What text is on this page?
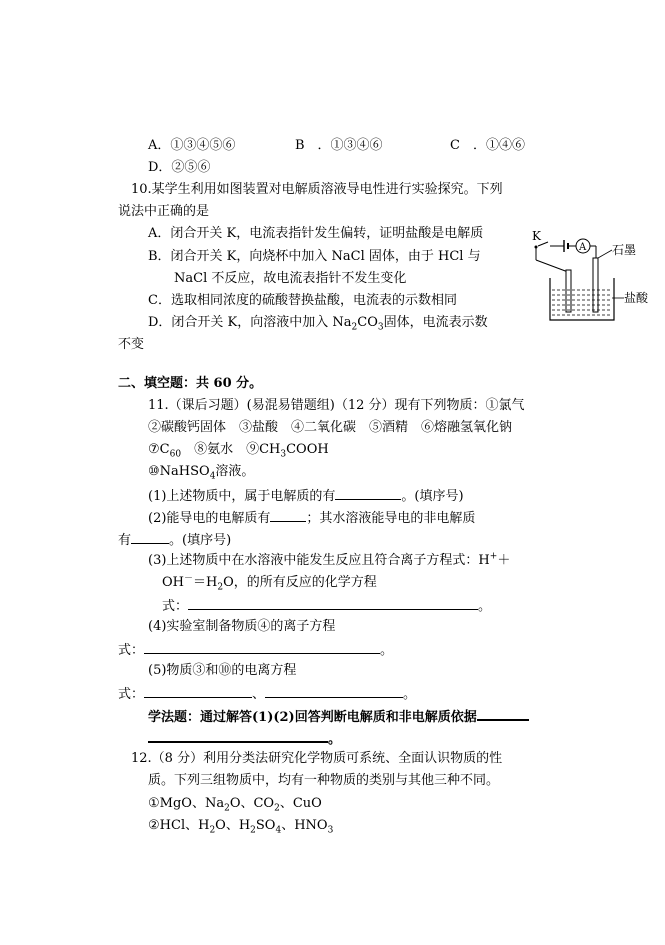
A．①③④⑤⑥	B　．①③④⑥	C　．①④⑥
D．②⑤⑥
10.某学生利用如图装置对电解质溶液导电性进行实验探究。下列
说法中正确的是
A．闭合开关 K，电流表指针发生偏转，证明盐酸是电解质
B．闭合开关 K，向烧杯中加入 NaCl 固体，由于 HCl 与
NaCl 不反应，故电流表指针不发生变化
C．选取相同浓度的硫酸替换盐酸，电流表的示数相同
D．闭合开关 K，向溶液中加入 $Na_2CO_3$固体，电流表示数
不变
K
A 石墨
盐酸
二、填空题：共 60 分。
11.（课后习题）(易混易错题组)（12 分）现有下列物质：①氯气
②碳酸钙固体　③盐酸　④二氧化碳　⑤酒精　⑥熔融氢氧化钠
$⑦C_{60}$　⑧氨水　$⑨CH_3COOH$
⑩NaHSO$_4$溶液。
(1)上述物质中，属于电解质的有	。(填序号)
(2)能导电的电解质有	；其水溶液能导电的非电解质
有	。(填序号)
(3)上述物质中在水溶液中能发生反应且符合离子方程式：H+＋
$OH^-=H_2O$，的所有反应的化学方程
式：	。
(4)实验室制备物质④的离子方程
式：	。
(5)物质③和⑩的电离方程
式：	、	。
学法题：通过解答(1)(2)回答判断电解质和非电解质依据
。
12.（8 分）利用分类法研究化学物质可系统、全面认识物质的性
质。下列三组物质中，均有一种物质的类别与其他三种不同。
①MgO、$Na_2O$、$CO_2$、CuO
②HCl、$H_2O$、$H_2SO_4$、$HNO_3$
